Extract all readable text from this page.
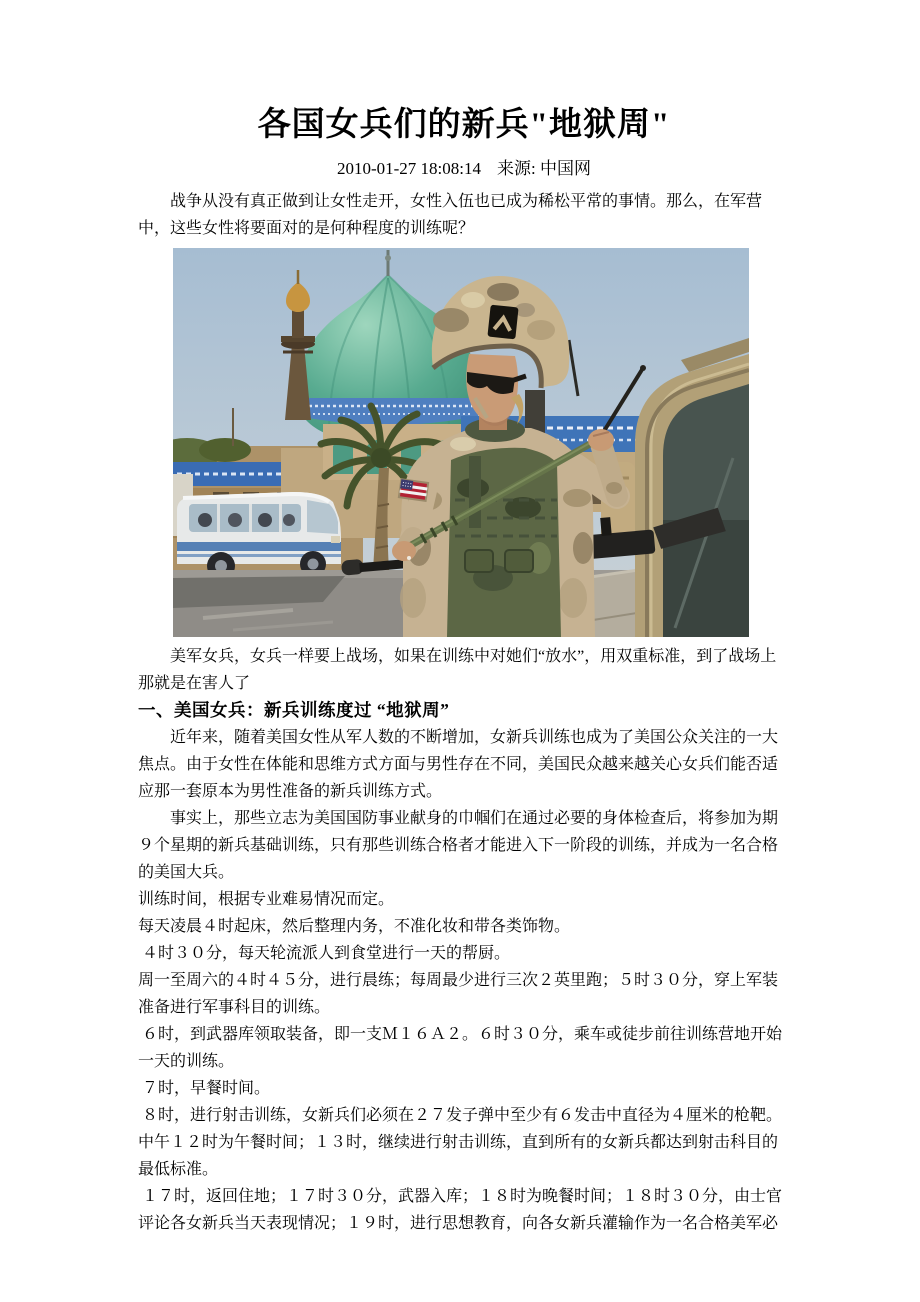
各国女兵们的新兵"地狱周"
2010-01-27 18:08:14 来源: 中国网

战争从没有真正做到让女性走开，女性入伍也已成为稀松平常的事情。那么，在军营中，这些女性将要面对的是何种程度的训练呢？

美军女兵，女兵一样要上战场，如果在训练中对她们“放水”，用双重标准，到了战场上那就是在害人了

一、美国女兵：新兵训练度过 “地狱周”

近年来，随着美国女性从军人数的不断增加，女新兵训练也成为了美国公众关注的一大焦点。由于女性在体能和思维方式方面与男性存在不同，美国民众越来越关心女兵们能否适应那一套原本为男性准备的新兵训练方式。

事实上，那些立志为美国国防事业献身的巾帼们在通过必要的身体检查后，将参加为期９个星期的新兵基础训练，只有那些训练合格者才能进入下一阶段的训练，并成为一名合格的美国大兵。

训练时间，根据专业难易情况而定。

每天凌晨４时起床，然后整理内务，不准化妆和带各类饰物。

４时３０分，每天轮流派人到食堂进行一天的帮厨。

周一至周六的４时４５分，进行晨练；每周最少进行三次２英里跑；５时３０分，穿上军装准备进行军事科目的训练。

６时，到武器库领取装备，即一支Ｍ１６Ａ２。６时３０分，乘车或徒步前往训练营地开始一天的训练。

７时，早餐时间。

８时，进行射击训练，女新兵们必须在２７发子弹中至少有６发击中直径为４厘米的枪靶。中午１２时为午餐时间；１３时，继续进行射击训练，直到所有的女新兵都达到射击科目的最低标准。

１７时，返回住地；１７时３０分，武器入库；１８时为晚餐时间；１８时３０分，由士官评论各女新兵当天表现情况；１９时，进行思想教育，向各女新兵灌输作为一名合格美军必
